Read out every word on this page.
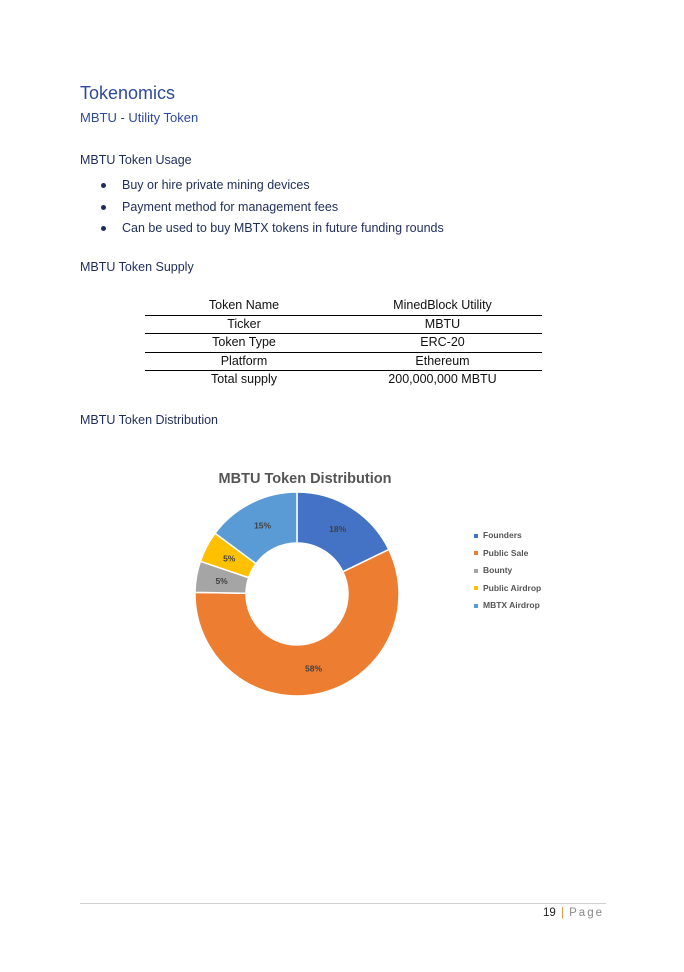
Tokenomics
MBTU - Utility Token
MBTU Token Usage
Buy or hire private mining devices
Payment method for management fees
Can be used to buy MBTX tokens in future funding rounds
MBTU Token Supply
Token Name	MinedBlock Utility
Ticker	MBTU
Token Type	ERC-20
Platform	Ethereum
Total supply	200,000,000 MBTU
MBTU Token Distribution
MBTU Token Distribution
18%
58%
5%
5%
15%
Founders
Public Sale
Bounty
Public Airdrop
MBTX Airdrop
19 | Page
